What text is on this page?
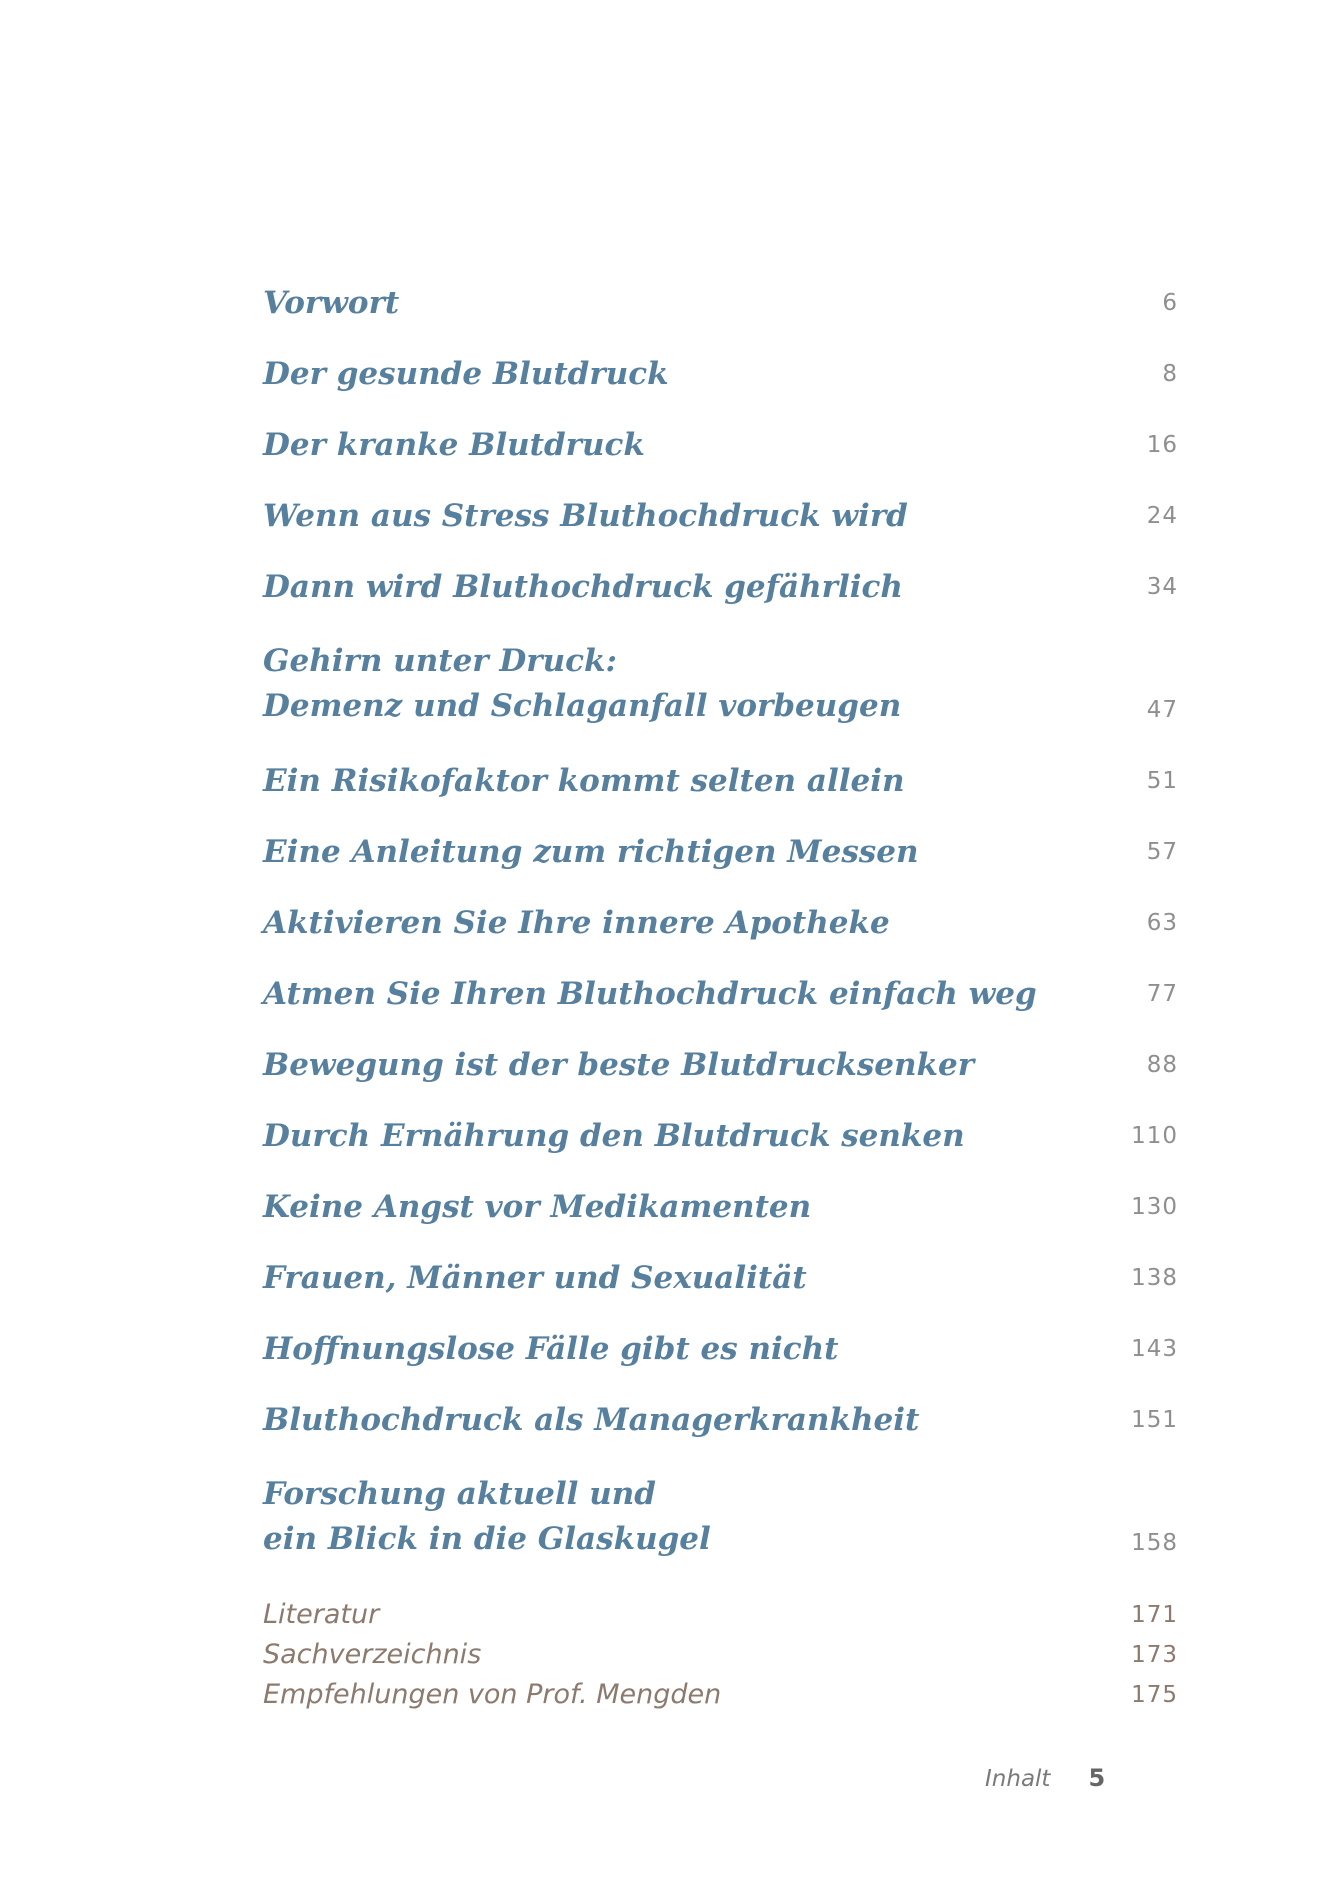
Vorwort	6
Der gesunde Blutdruck	8
Der kranke Blutdruck	16
Wenn aus Stress Bluthochdruck wird	24
Dann wird Bluthochdruck gefährlich	34
Gehirn unter Druck:
Demenz und Schlaganfall vorbeugen	47
Ein Risikofaktor kommt selten allein	51
Eine Anleitung zum richtigen Messen	57
Aktivieren Sie Ihre innere Apotheke	63
Atmen Sie Ihren Bluthochdruck einfach weg	77
Bewegung ist der beste Blutdrucksenker	88
Durch Ernährung den Blutdruck senken	110
Keine Angst vor Medikamenten	130
Frauen, Männer und Sexualität	138
Hoffnungslose Fälle gibt es nicht	143
Bluthochdruck als Managerkrankheit	151
Forschung aktuell und
ein Blick in die Glaskugel	158
Literatur	171
Sachverzeichnis	173
Empfehlungen von Prof. Mengden	175
Inhalt 5
